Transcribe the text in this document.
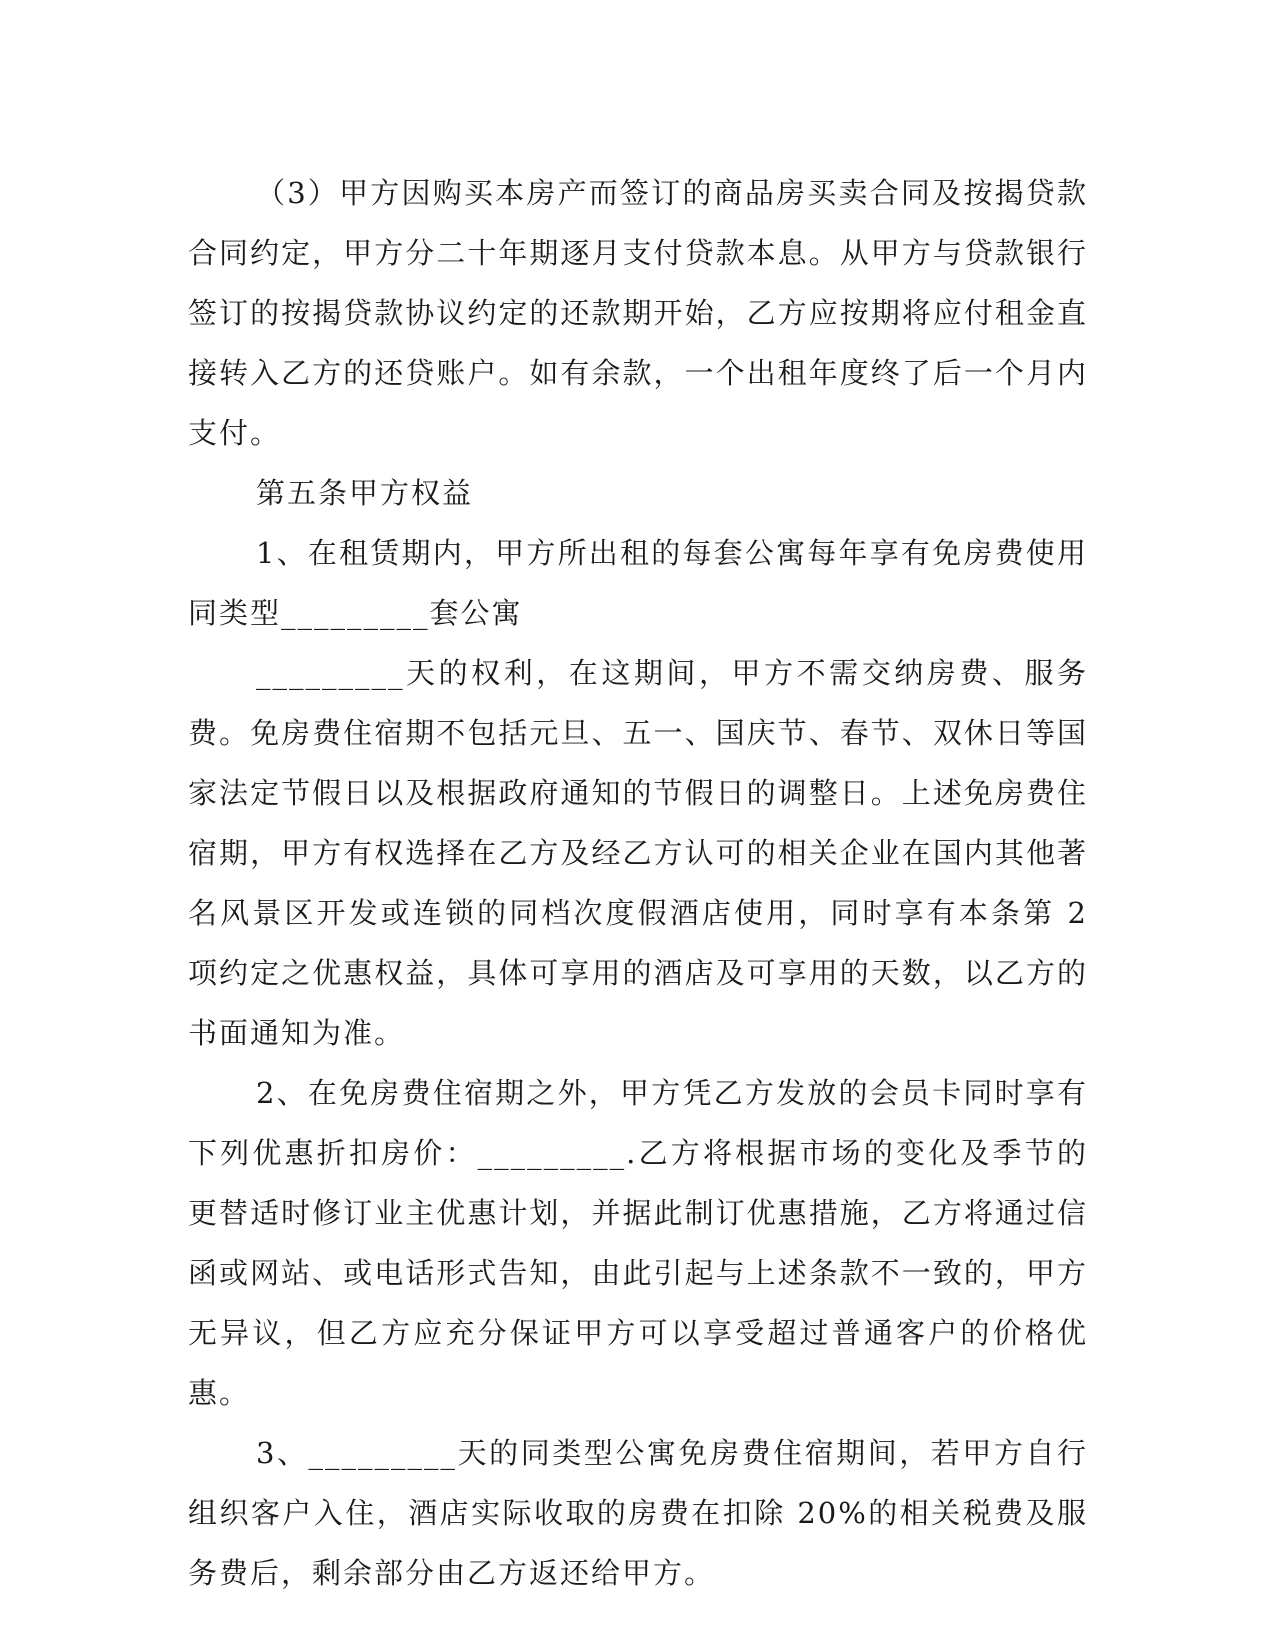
（3）甲方因购买本房产而签订的商品房买卖合同及按揭贷款合同约定，甲方分二十年期逐月支付贷款本息。从甲方与贷款银行签订的按揭贷款协议约定的还款期开始，乙方应按期将应付租金直接转入乙方的还贷账户。如有余款，一个出租年度终了后一个月内支付。

第五条甲方权益

1、在租赁期内，甲方所出租的每套公寓每年享有免房费使用同类型_________套公寓

_________天的权利，在这期间，甲方不需交纳房费、服务费。免房费住宿期不包括元旦、五一、国庆节、春节、双休日等国家法定节假日以及根据政府通知的节假日的调整日。上述免房费住宿期，甲方有权选择在乙方及经乙方认可的相关企业在国内其他著名风景区开发或连锁的同档次度假酒店使用，同时享有本条第 2 项约定之优惠权益，具体可享用的酒店及可享用的天数，以乙方的书面通知为准。

2、在免房费住宿期之外，甲方凭乙方发放的会员卡同时享有下列优惠折扣房价：_________.乙方将根据市场的变化及季节的更替适时修订业主优惠计划，并据此制订优惠措施，乙方将通过信函或网站、或电话形式告知，由此引起与上述条款不一致的，甲方无异议，但乙方应充分保证甲方可以享受超过普通客户的价格优惠。

3、_________天的同类型公寓免房费住宿期间，若甲方自行组织客户入住，酒店实际收取的房费在扣除 20%的相关税费及服务费后，剩余部分由乙方返还给甲方。
